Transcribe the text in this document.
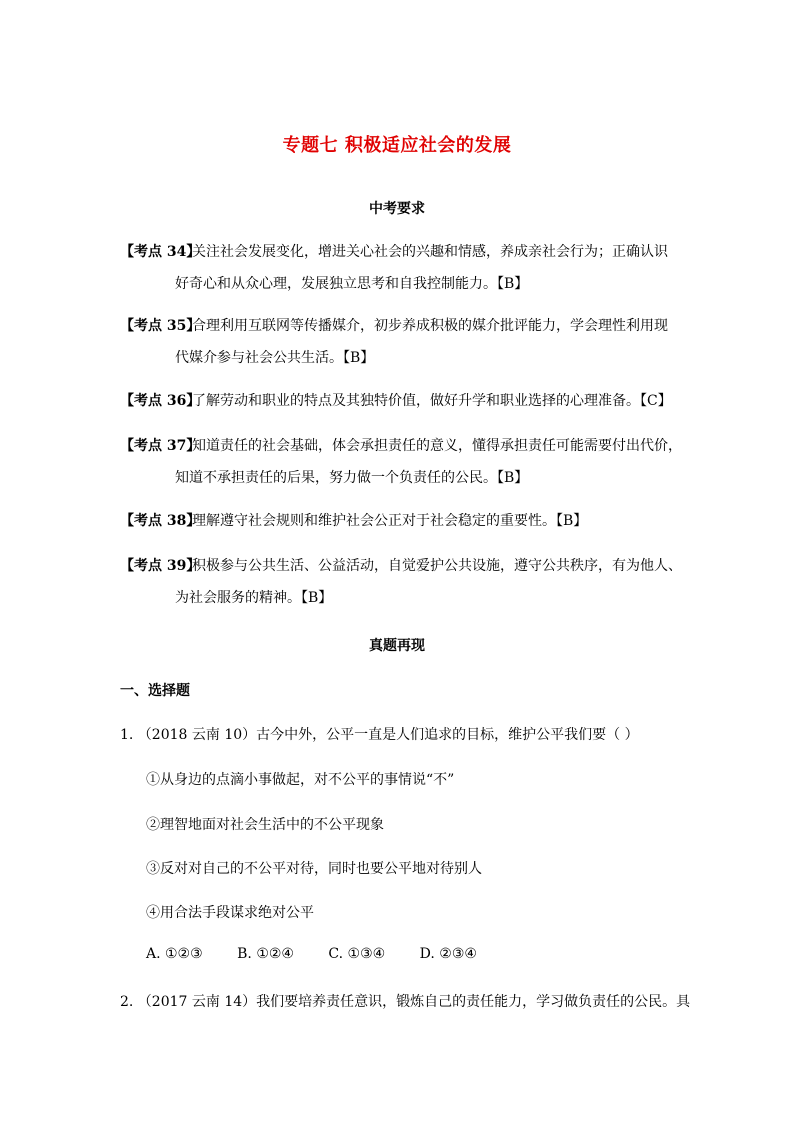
专题七 积极适应社会的发展
中考要求
【考点 34】关注社会发展变化，增进关心社会的兴趣和情感，养成亲社会行为；正确认识
好奇心和从众心理，发展独立思考和自我控制能力。【B】
【考点 35】合理利用互联网等传播媒介，初步养成积极的媒介批评能力，学会理性利用现
代媒介参与社会公共生活。【B】
【考点 36】了解劳动和职业的特点及其独特价值，做好升学和职业选择的心理准备。【C】
【考点 37】知道责任的社会基础，体会承担责任的意义，懂得承担责任可能需要付出代价，
知道不承担责任的后果，努力做一个负责任的公民。【B】
【考点 38】理解遵守社会规则和维护社会公正对于社会稳定的重要性。【B】
【考点 39】积极参与公共生活、公益活动，自觉爱护公共设施，遵守公共秩序，有为他人、
为社会服务的精神。【B】
真题再现
一、选择题
1. （2018 云南 10）古今中外，公平一直是人们追求的目标，维护公平我们要（ ）
①从身边的点滴小事做起，对不公平的事情说“不”
②理智地面对社会生活中的不公平现象
③反对对自己的不公平对待，同时也要公平地对待别人
④用合法手段谋求绝对公平
A. ①②③ B. ①②④ C. ①③④ D. ②③④
2. （2017 云南 14）我们要培养责任意识，锻炼自己的责任能力，学习做负责任的公民。具
